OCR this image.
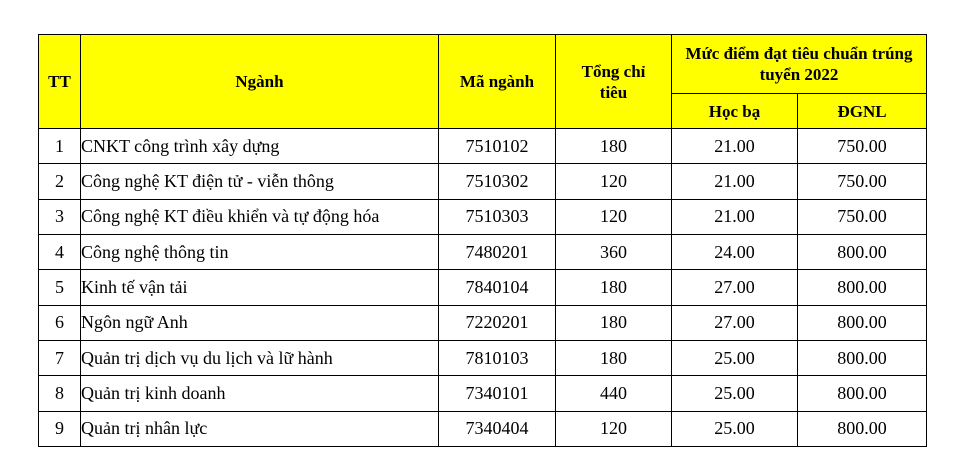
TT	Ngành	Mã ngành	Tổng chỉ tiêu	Mức điểm đạt tiêu chuẩn trúng tuyển 2022	
				Học bạ	ĐGNL
1	CNKT công trình xây dựng	7510102	180	21.00	750.00
2	Công nghệ KT điện tử - viễn thông	7510302	120	21.00	750.00
3	Công nghệ KT điều khiển và tự động hóa	7510303	120	21.00	750.00
4	Công nghệ thông tin	7480201	360	24.00	800.00
5	Kinh tế vận tải	7840104	180	27.00	800.00
6	Ngôn ngữ Anh	7220201	180	27.00	800.00
7	Quản trị dịch vụ du lịch và lữ hành	7810103	180	25.00	800.00
8	Quản trị kinh doanh	7340101	440	25.00	800.00
9	Quản trị nhân lực	7340404	120	25.00	800.00
